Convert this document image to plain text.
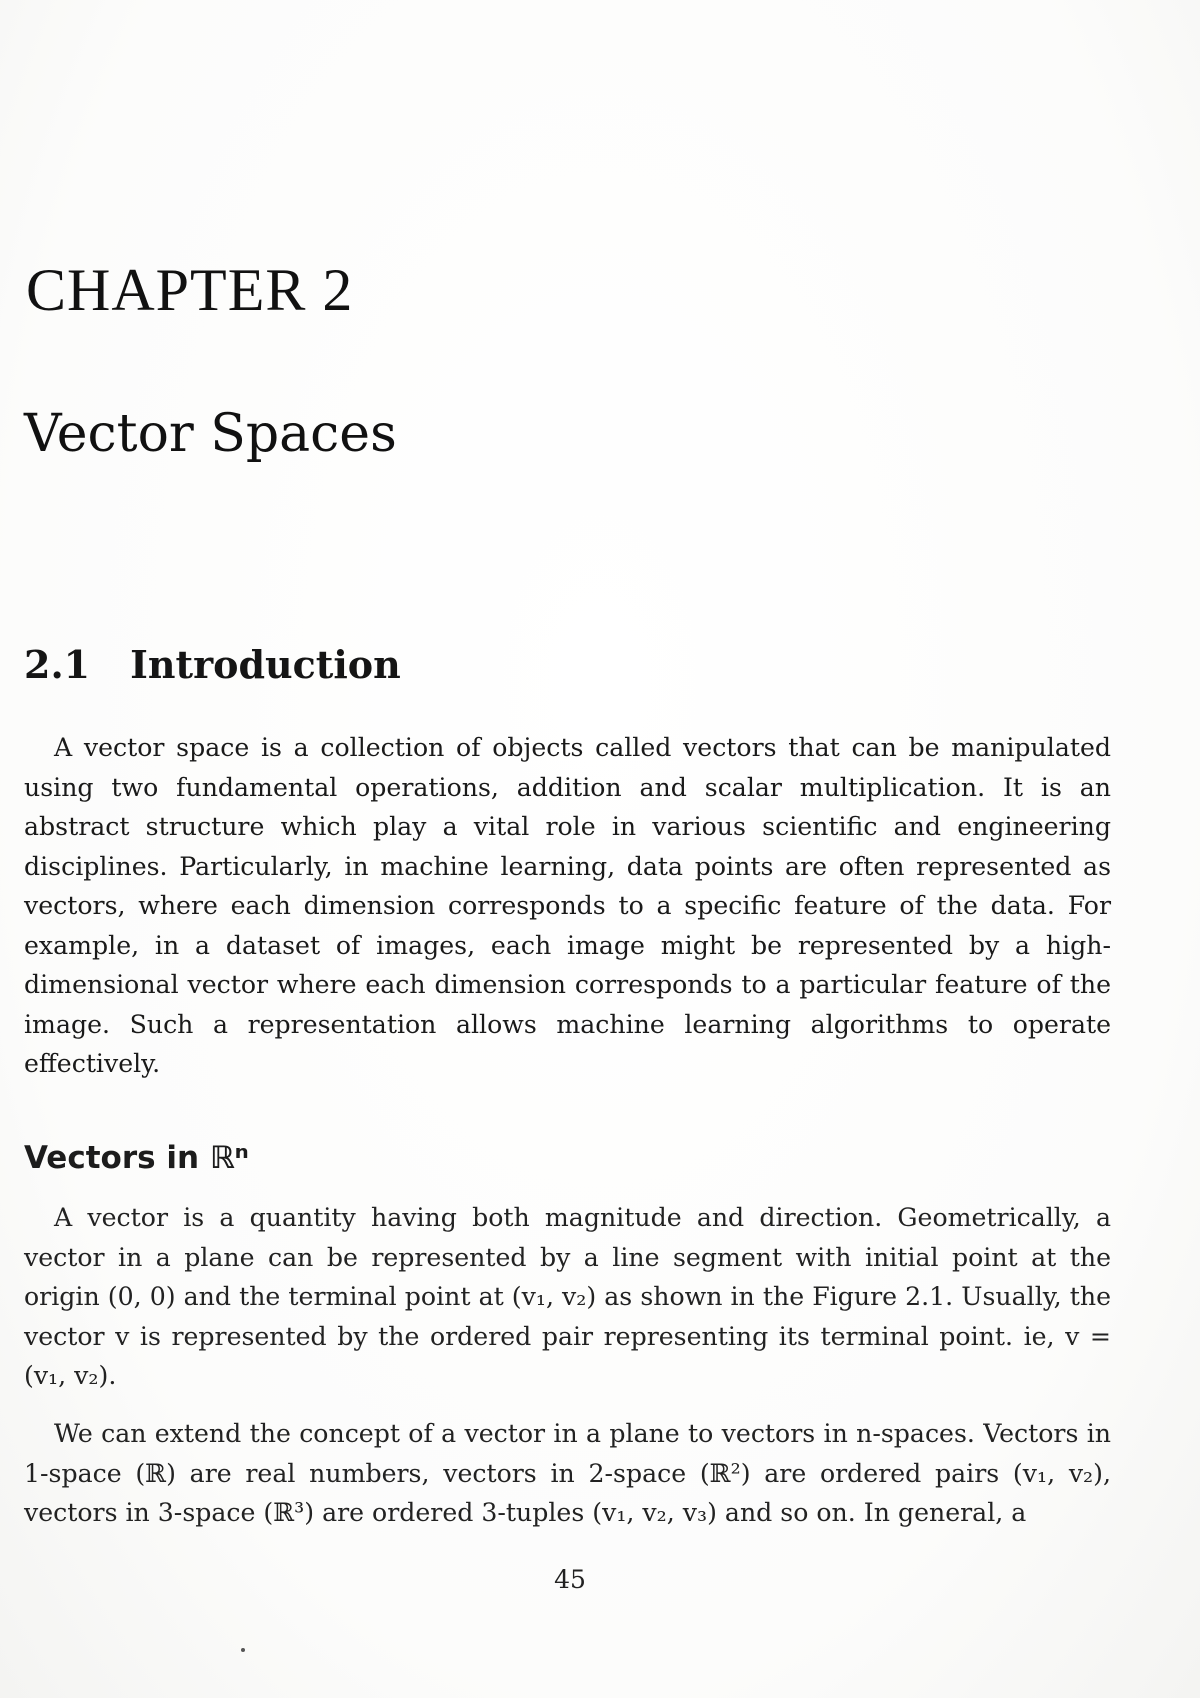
CHAPTER 2
Vector Spaces
2.1 Introduction

A vector space is a collection of objects called vectors that can be manipulated using two fundamental operations, addition and scalar multiplication. It is an abstract structure which play a vital role in various scientific and engineering disciplines. Particularly, in machine learning, data points are often represented as vectors, where each dimension corresponds to a specific feature of the data. For example, in a dataset of images, each image might be represented by a high-dimensional vector where each dimension corresponds to a particular feature of the image. Such a representation allows machine learning algorithms to operate effectively.

Vectors in ℝⁿ

A vector is a quantity having both magnitude and direction. Geometrically, a vector in a plane can be represented by a line segment with initial point at the origin (0, 0) and the terminal point at (v₁, v₂) as shown in the Figure 2.1. Usually, the vector v is represented by the ordered pair representing its terminal point. ie, v = (v₁, v₂).

We can extend the concept of a vector in a plane to vectors in n-spaces. Vectors in 1-space (ℝ) are real numbers, vectors in 2-space (ℝ²) are ordered pairs (v₁, v₂), vectors in 3-space (ℝ³) are ordered 3-tuples (v₁, v₂, v₃) and so on. In general, a

45
